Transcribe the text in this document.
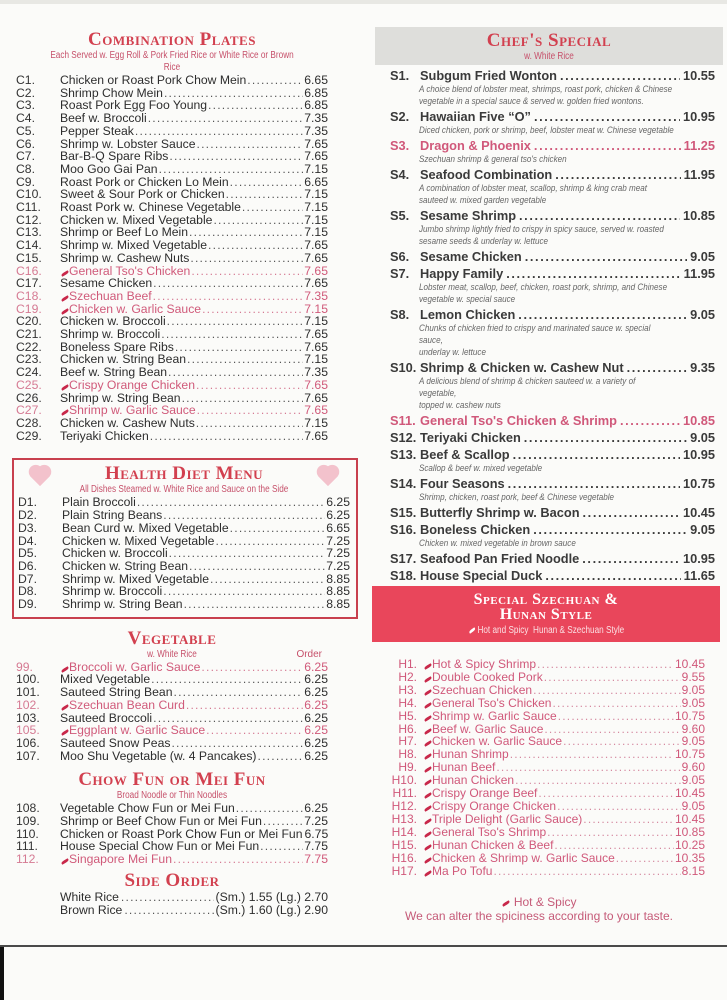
Combination Plates
Each Served w. Egg Roll & Pork Fried Rice or White Rice or Brown Rice
C1.	Chicken or Roast Pork Chow Mein .....	6.65
C2.	Shrimp Chow Mein .....	6.85
C3.	Roast Pork Egg Foo Young .....	6.85
C4.	Beef w. Broccoli .....	7.35
C5.	Pepper Steak .....	7.35
C6.	Shrimp w. Lobster Sauce .....	7.65
C7.	Bar-B-Q Spare Ribs .....	7.65
C8.	Moo Goo Gai Pan .....	7.15
C9.	Roast Pork or Chicken Lo Mein .....	6.65
C10.	Sweet & Sour Pork or Chicken .....	7.15
C11.	Roast Pork w. Chinese Vegetable .....	7.15
C12.	Chicken w. Mixed Vegetable .....	7.15
C13.	Shrimp or Beef Lo Mein .....	7.15
C14.	Shrimp w. Mixed Vegetable .....	7.65
C15.	Shrimp w. Cashew Nuts .....	7.65
C16.	General Tso's Chicken .....	7.65
C17.	Sesame Chicken .....	7.65
C18.	Szechuan Beef .....	7.35
C19.	Chicken w. Garlic Sauce .....	7.15
C20.	Chicken w. Broccoli .....	7.15
C21.	Shrimp w. Broccoli .....	7.65
C22.	Boneless Spare Ribs .....	7.65
C23.	Chicken w. String Bean .....	7.15
C24.	Beef w. String Bean .....	7.35
C25.	Crispy Orange Chicken .....	7.65
C26.	Shrimp w. String Bean .....	7.65
C27.	Shrimp w. Garlic Sauce .....	7.65
C28.	Chicken w. Cashew Nuts .....	7.15
C29.	Teriyaki Chicken .....	7.65
Health Diet Menu
All Dishes Steamed w. White Rice and Sauce on the Side
D1.	Plain Broccoli .....	6.25
D2.	Plain String Beans .....	6.25
D3.	Bean Curd w. Mixed Vegetable .....	6.65
D4.	Chicken w. Mixed Vegetable .....	7.25
D5.	Chicken w. Broccoli .....	7.25
D6.	Chicken w. String Bean .....	7.25
D7.	Shrimp w. Mixed Vegetable .....	8.85
D8.	Shrimp w. Broccoli .....	8.85
D9.	Shrimp w. String Bean .....	8.85
Vegetable
w. White Rice	Order
99.	Broccoli w. Garlic Sauce .....	6.25
100.	Mixed Vegetable .....	6.25
101.	Sauteed String Bean .....	6.25
102.	Szechuan Bean Curd .....	6.25
103.	Sauteed Broccoli .....	6.25
105.	Eggplant w. Garlic Sauce .....	6.25
106.	Sauteed Snow Peas .....	6.25
107.	Moo Shu Vegetable (w. 4 Pancakes) .....	6.25
Chow Fun or Mei Fun
Broad Noodle or Thin Noodles
108.	Vegetable Chow Fun or Mei Fun .....	6.25
109.	Shrimp or Beef Chow Fun or Mei Fun .....	7.25
110.	Chicken or Roast Pork Chow Fun or Mei Fun 6.75
111.	House Special Chow Fun or Mei Fun .....	7.75
112.	Singapore Mei Fun .....	7.75
Side Order
White Rice .....	(Sm.) 1.55 (Lg.) 2.70
Brown Rice .....	(Sm.) 1.60 (Lg.) 2.90
Chef's Special
w. White Rice
S1. Subgum Fried Wonton .....	10.55
A choice blend of lobster meat, shrimps, roast pork, chicken & Chinese
vegetable in a special sauce & served w. golden fried wontons.
S2. Hawaiian Five “O” .....	10.95
Diced chicken, pork or shrimp, beef, lobster meat w. Chinese vegetable
S3. Dragon & Phoenix .....	11.25
Szechuan shrimp & general tso's chicken
S4. Seafood Combination .....	11.95
A combination of lobster meat, scallop, shrimp & king crab meat
sauteed w. mixed garden vegetable
S5. Sesame Shrimp .....	10.85
Jumbo shrimp lightly fried to crispy in spicy sauce, served w. roasted
sesame seeds & underlay w. lettuce
S6. Sesame Chicken .....	9.05
S7. Happy Family .....	11.95
Lobster meat, scallop, beef, chicken, roast pork, shrimp, and Chinese
vegetable w. special sauce
S8. Lemon Chicken .....	9.05
Chunks of chicken fried to crispy and marinated sauce w. special sauce,
underlay w. lettuce
S10. Shrimp & Chicken w. Cashew Nut .....	9.35
A delicious blend of shrimp & chicken sauteed w. a variety of vegetable,
topped w. cashew nuts
S11. General Tso's Chicken & Shrimp .....	10.85
S12. Teriyaki Chicken .....	9.05
S13. Beef & Scallop .....	10.95
Scallop & beef w. mixed vegetable
S14. Four Seasons .....	10.75
Shrimp, chicken, roast pork, beef & Chinese vegetable
S15. Butterfly Shrimp w. Bacon .....	10.45
S16. Boneless Chicken .....	9.05
Chicken w. mixed vegetable in brown sauce
S17. Seafood Pan Fried Noodle .....	10.95
S18. House Special Duck .....	11.65
Special Szechuan &
Hunan Style
Hot and Spicy  Hunan & Szechuan Style
H1.	Hot & Spicy Shrimp .....	10.45
H2.	Double Cooked Pork .....	9.55
H3.	Szechuan Chicken .....	9.05
H4.	General Tso's Chicken .....	9.05
H5.	Shrimp w. Garlic Sauce .....	10.75
H6.	Beef w. Garlic Sauce .....	9.60
H7.	Chicken w. Garlic Sauce .....	9.05
H8.	Hunan Shrimp .....	10.75
H9.	Hunan Beef .....	9.60
H10.	Hunan Chicken .....	9.05
H11.	Crispy Orange Beef .....	10.45
H12.	Crispy Orange Chicken .....	9.05
H13.	Triple Delight (Garlic Sauce) .....	10.45
H14.	General Tso's Shrimp .....	10.85
H15.	Hunan Chicken & Beef .....	10.25
H16.	Chicken & Shrimp w. Garlic Sauce .....	10.35
H17.	Ma Po Tofu .....	8.15
Hot & Spicy
We can alter the spiciness according to your taste.
